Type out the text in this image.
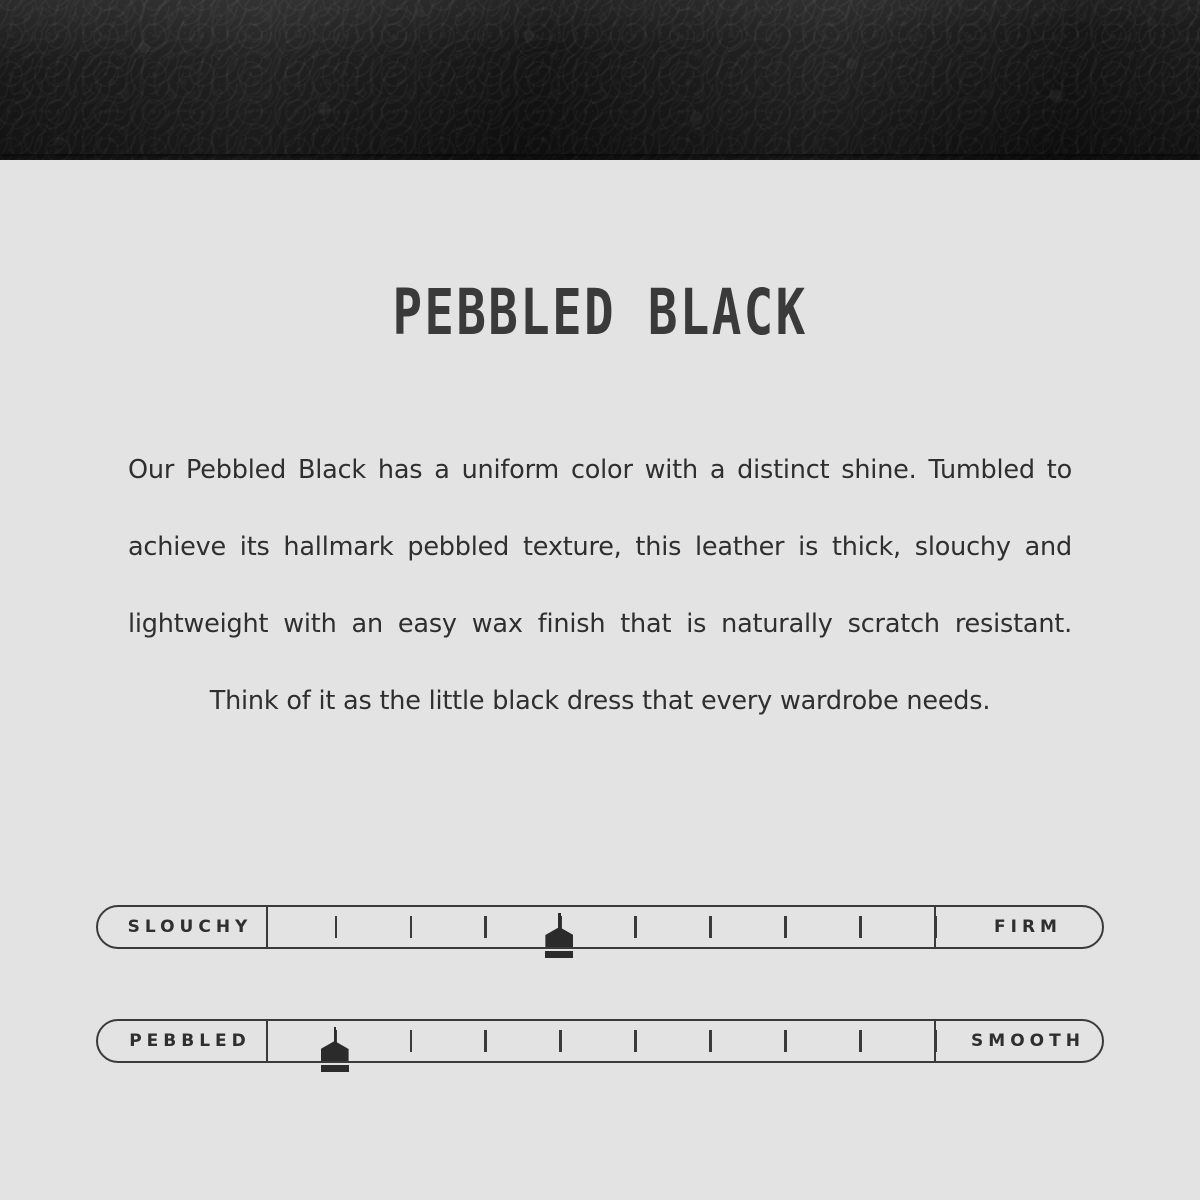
PEBBLED BLACK
Our Pebbled Black has a uniform color with a distinct shine. Tumbled to achieve its hallmark pebbled texture, this leather is thick, slouchy and lightweight with an easy wax finish that is naturally scratch resistant. Think of it as the little black dress that every wardrobe needs.
SLOUCHY	FIRM
PEBBLED	SMOOTH
